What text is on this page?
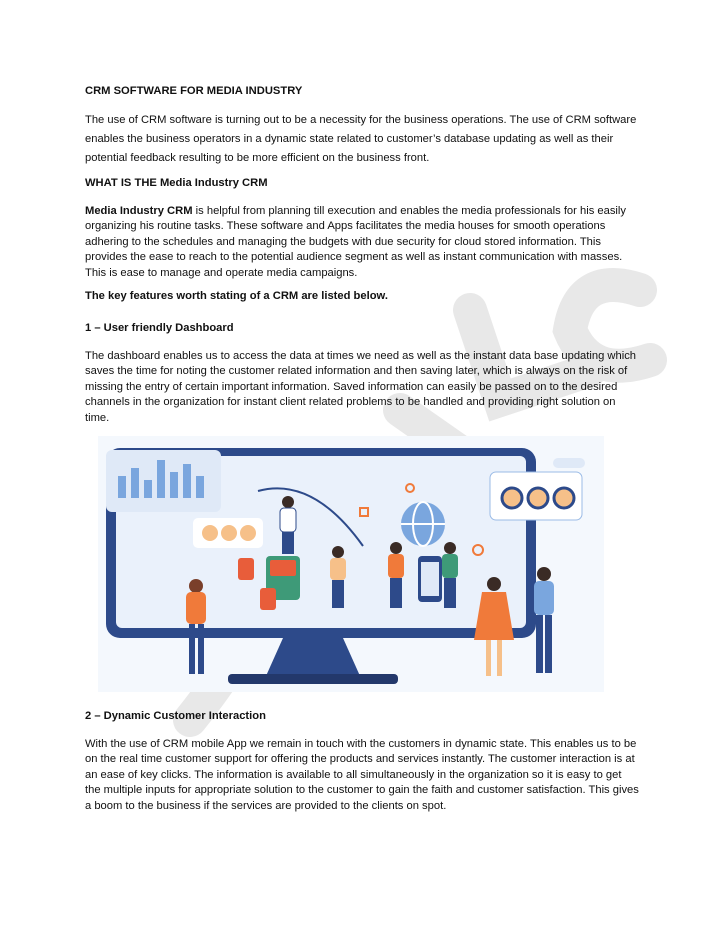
CRM SOFTWARE FOR MEDIA INDUSTRY

The use of CRM software is turning out to be a necessity for the business operations. The use of CRM software enables the business operators in a dynamic state related to customer’s database updating as well as their potential feedback resulting to be more efficient on the business front.

WHAT IS THE Media Industry CRM

Media Industry CRM is helpful from planning till execution and enables the media professionals for his easily organizing his routine tasks. These software and Apps facilitates the media houses for smooth operations adhering to the schedules and managing the budgets with due security for cloud stored information. This provides the ease to reach to the potential audience segment as well as instant communication with masses. This is ease to manage and operate media campaigns.

The key features worth stating of a CRM are listed below.

1 – User friendly Dashboard

The dashboard enables us to access the data at times we need as well as the instant data base updating which saves the time for noting the customer related information and then saving later, which is always on the risk of missing the entry of certain important information. Saved information can easily be passed on to the desired channels in the organization for instant client related problems to be handled and providing right solution on time.

2 – Dynamic Customer Interaction

With the use of CRM mobile App we remain in touch with the customers in dynamic state. This enables us to be on the real time customer support for offering the products and services instantly. The customer interaction is at an ease of key clicks. The information is available to all simultaneously in the organization so it is easy to get the multiple inputs for appropriate solution to the customer to gain the faith and customer satisfaction. This gives a boom to the business if the services are provided to the clients on spot.
